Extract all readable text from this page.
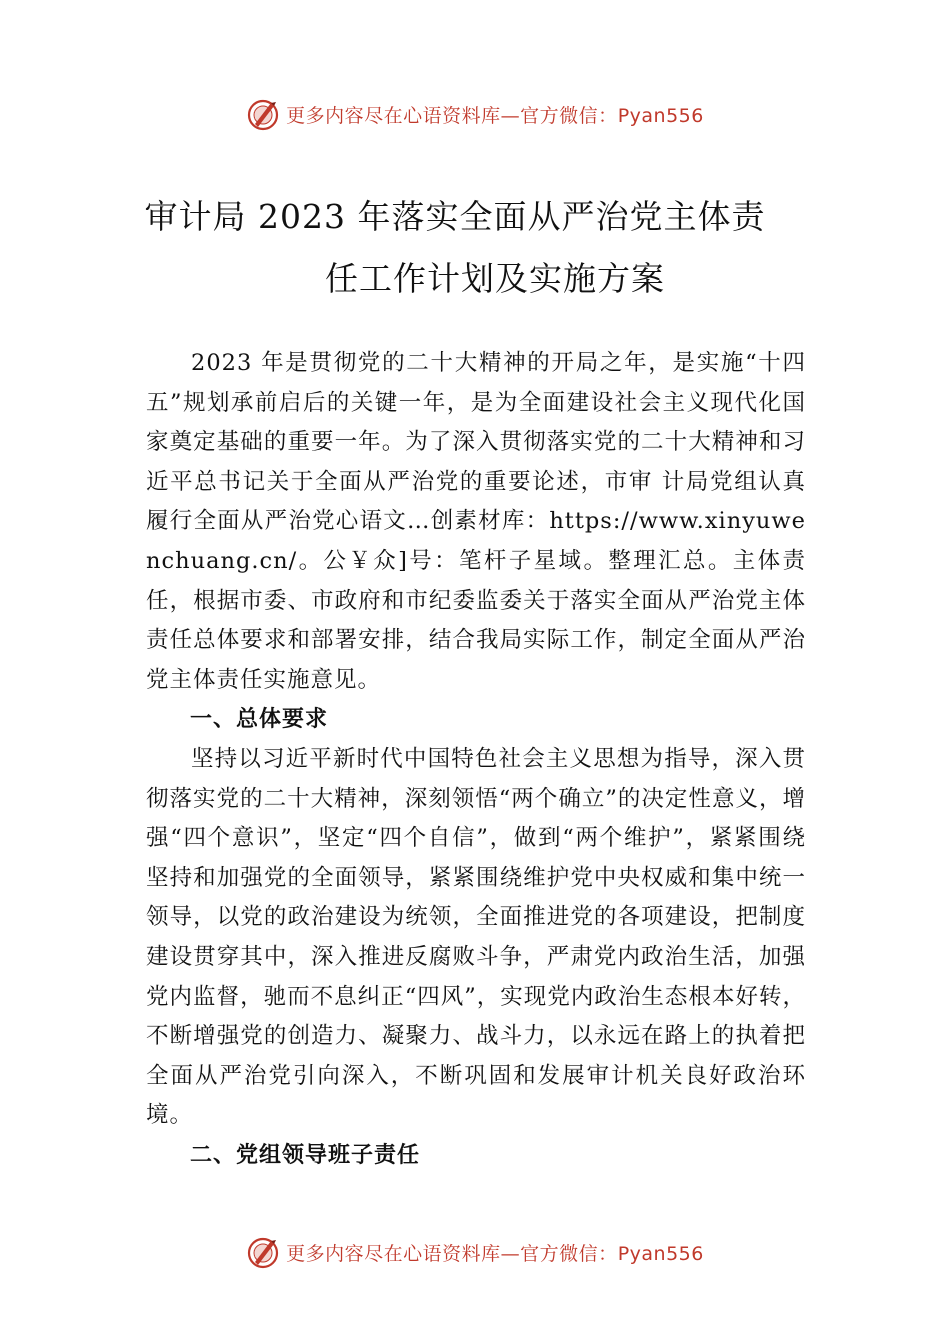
更多内容尽在心语资料库—官方微信：Pyan556
审计局 2023 年落实全面从严治党主体责
任工作计划及实施方案

2023 年是贯彻党的二十大精神的开局之年，是实施“十四五”规划承前启后的关键一年，是为全面建设社会主义现代化国家奠定基础的重要一年。为了深入贯彻落实党的二十大精神和习近平总书记关于全面从严治党的重要论述，市审 计局党组认真履行全面从严治党心语文…创素材库：https://www.xinyuwenchuang.cn/。公￥众]号：笔杆子星域。整理汇总。主体责任，根据市委、市政府和市纪委监委关于落实全面从严治党主体责任总体要求和部署安排，结合我局实际工作，制定全面从严治党主体责任实施意见。

一、总体要求

坚持以习近平新时代中国特色社会主义思想为指导，深入贯彻落实党的二十大精神，深刻领悟“两个确立”的决定性意义，增强“四个意识”，坚定“四个自信”，做到“两个维护”，紧紧围绕坚持和加强党的全面领导，紧紧围绕维护党中央权威和集中统一领导，以党的政治建设为统领，全面推进党的各项建设，把制度建设贯穿其中，深入推进反腐败斗争，严肃党内政治生活，加强党内监督，驰而不息纠正“四风”，实现党内政治生态根本好转，不断增强党的创造力、凝聚力、战斗力，以永远在路上的执着把全面从严治党引向深入，不断巩固和发展审计机关良好政治环境。

二、党组领导班子责任
更多内容尽在心语资料库—官方微信：Pyan556
